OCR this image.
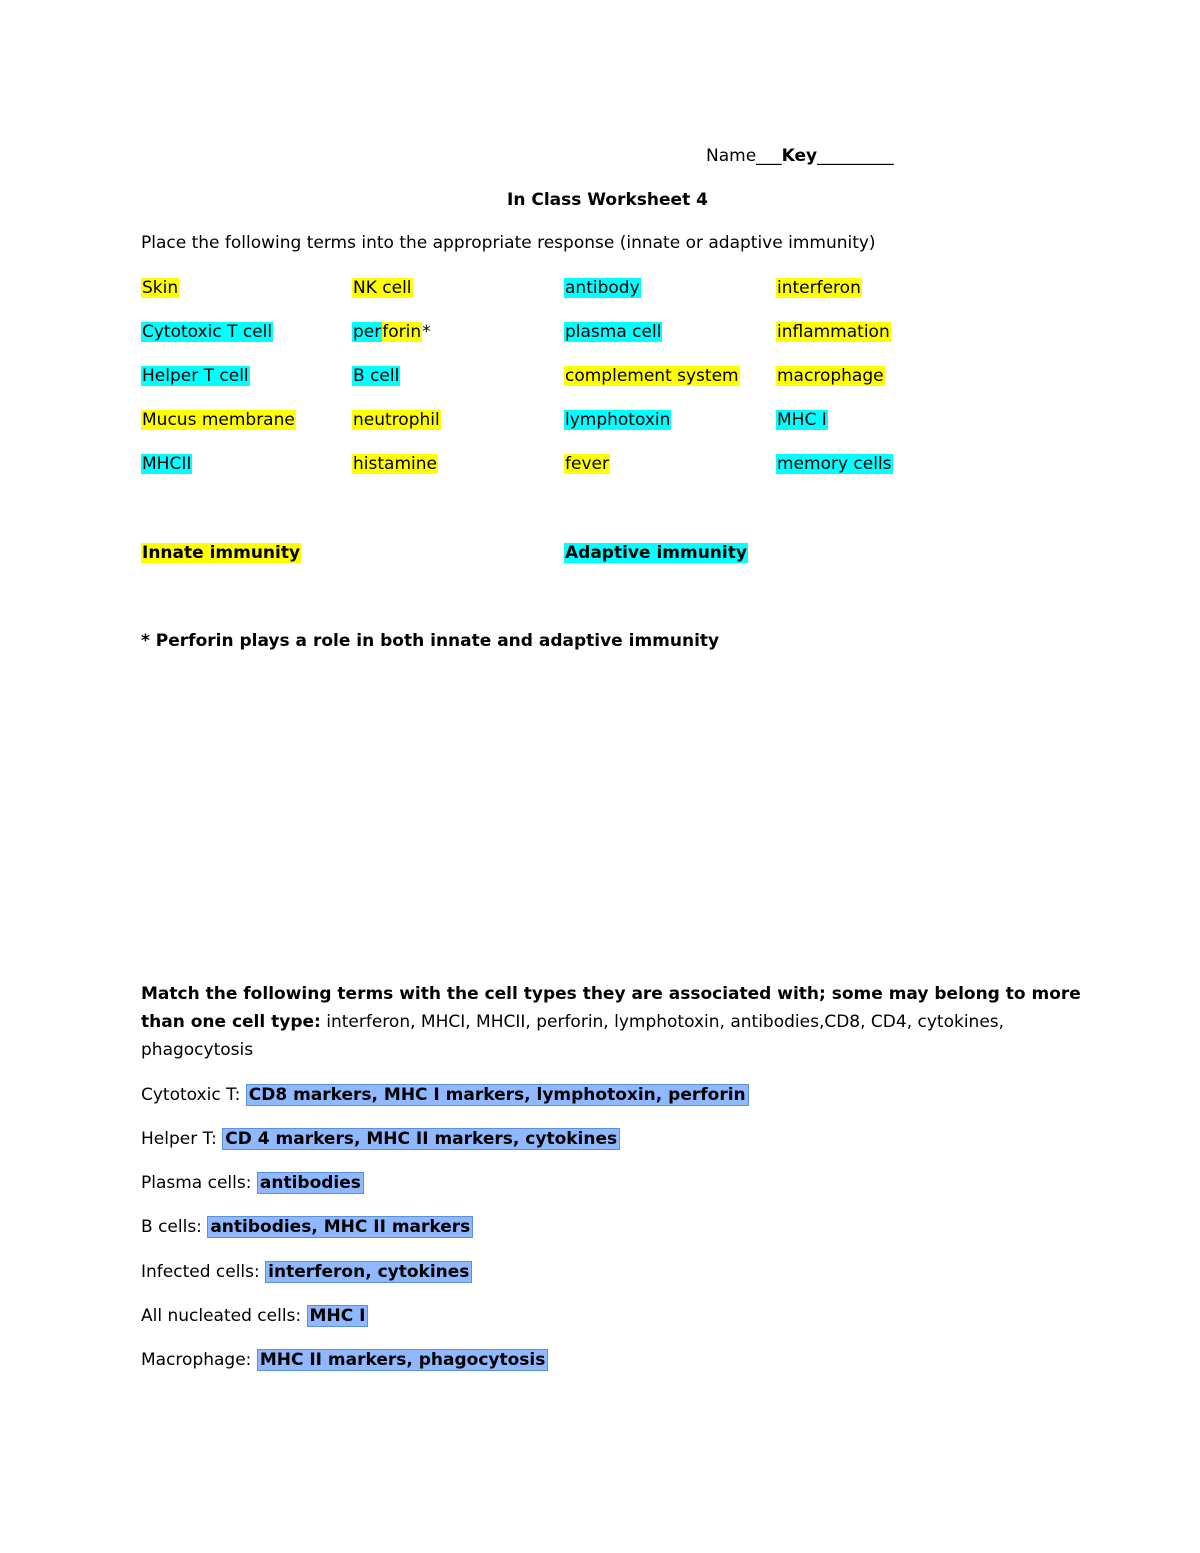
Name___Key_________
In Class Worksheet 4
Place the following terms into the appropriate response (innate or adaptive immunity)
Skin
Cytotoxic T cell
Helper T cell
Mucus membrane
MHCII
NK cell
perforin*
B cell
neutrophil
histamine
antibody
plasma cell
complement system
lymphotoxin
fever
interferon
inflammation
macrophage
MHC I
memory cells
Innate immunity	Adaptive immunity
* Perforin plays a role in both innate and adaptive immunity
Match the following terms with the cell types they are associated with; some may belong to more
than one cell type: interferon, MHCI, MHCII, perforin, lymphotoxin, antibodies,CD8, CD4, cytokines,
phagocytosis
Cytotoxic T: CD8 markers, MHC I markers, lymphotoxin, perforin
Helper T: CD 4 markers, MHC II markers, cytokines
Plasma cells: antibodies
B cells: antibodies, MHC II markers
Infected cells: interferon, cytokines
All nucleated cells: MHC I
Macrophage: MHC II markers, phagocytosis
